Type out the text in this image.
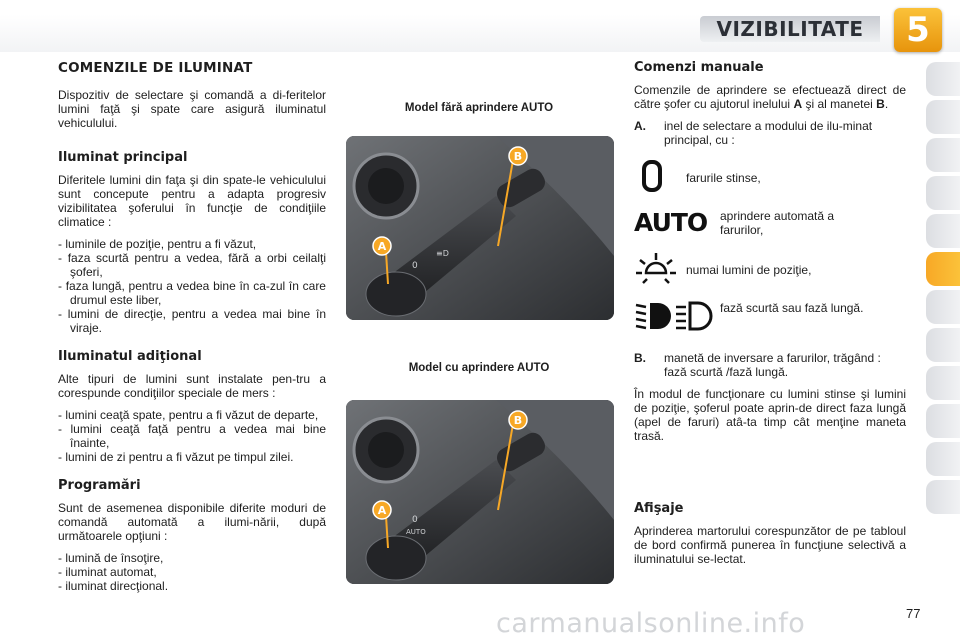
VIZIBILITATE	5
COMENZILE DE ILUMINAT

Dispozitiv de selectare şi comandă a di-feritelor lumini faţă şi spate care asigură iluminatul vehiculului.

Iluminat principal

Diferitele lumini din faţa şi din spate-le vehiculului sunt concepute pentru a adapta progresiv vizibilitatea şoferului în funcţie de condiţiile climatice :

- luminile de poziţie, pentru a fi văzut,
- faza scurtă pentru a vedea, fără a orbi ceilalţi şoferi,
- faza lungă, pentru a vedea bine în ca-zul în care drumul este liber,
- lumini de direcţie, pentru a vedea mai bine în viraje.
Iluminatul adiţional

Alte tipuri de lumini sunt instalate pen-tru a corespunde condiţiilor speciale de mers :

- lumini ceaţă spate, pentru a fi văzut de departe,
- lumini ceaţă faţă pentru a vedea mai bine înainte,
- lumini de zi pentru a fi văzut pe timpul zilei.
Programări

Sunt de asemenea disponibile diferite moduri de comandă automată a ilumi-nării, după următoarele opţiuni :

- lumină de însoţire,
- iluminat automat,
- iluminat direcţional.
Model fără aprindere AUTO
B
A
0
≡D
Model cu aprindere AUTO
B
A
AUTO
0
Comenzi manuale

Comenzile de aprindere se efectuează direct de către şofer cu ajutorul inelului A şi al manetei B.

A. inel de selectare a modului de ilu-minat principal, cu :
farurile stinse,
AUTO	aprindere automată a farurilor,
numai lumini de poziţie,
fază scurtă sau fază lungă.
B. manetă de inversare a farurilor, trăgând : fază scurtă /fază lungă.

În modul de funcţionare cu lumini stinse şi lumini de poziţie, şoferul poate aprin-de direct faza lungă (apel de faruri) atâ-ta timp cât menţine maneta trasă.

Afişaje

Aprinderea martorului corespunzător de pe tabloul de bord confirmă punerea în funcţiune selectivă a iluminatului se-lectat.

carmanualsonline.info	77
